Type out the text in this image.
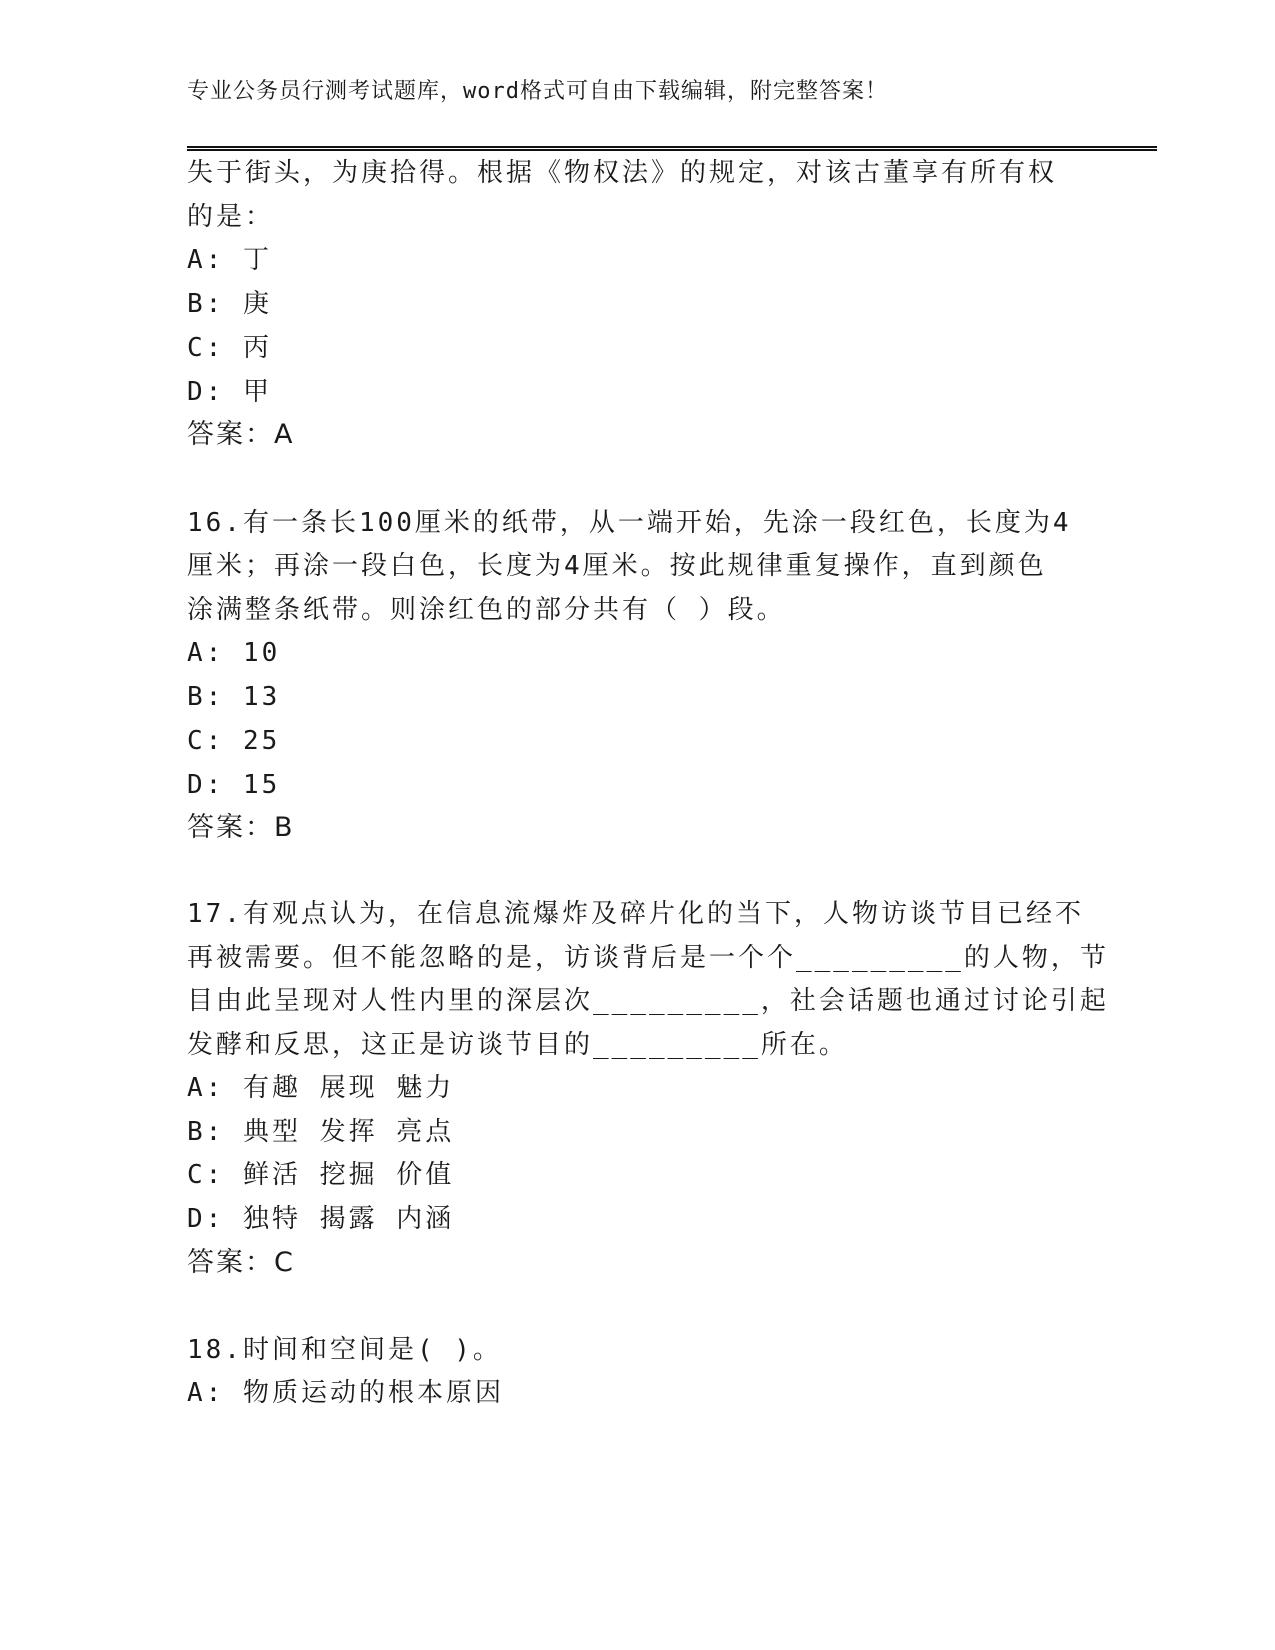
专业公务员行测考试题库，word格式可自由下载编辑，附完整答案！
失于街头，为庚拾得。根据《物权法》的规定，对该古董享有所有权
的是：
A: 丁
B: 庚
C: 丙
D: 甲
答案：A
16.有一条长100厘米的纸带，从一端开始，先涂一段红色，长度为4
厘米；再涂一段白色，长度为4厘米。按此规律重复操作，直到颜色
涂满整条纸带。则涂红色的部分共有（ ）段。
A: 10
B: 13
C: 25
D: 15
答案：B
17.有观点认为，在信息流爆炸及碎片化的当下，人物访谈节目已经不
再被需要。但不能忽略的是，访谈背后是一个个_________的人物，节
目由此呈现对人性内里的深层次_________，社会话题也通过讨论引起
发酵和反思，这正是访谈节目的_________所在。
A: 有趣 展现 魅力
B: 典型 发挥 亮点
C: 鲜活 挖掘 价值
D: 独特 揭露 内涵
答案：C
18.时间和空间是( )。
A: 物质运动的根本原因
